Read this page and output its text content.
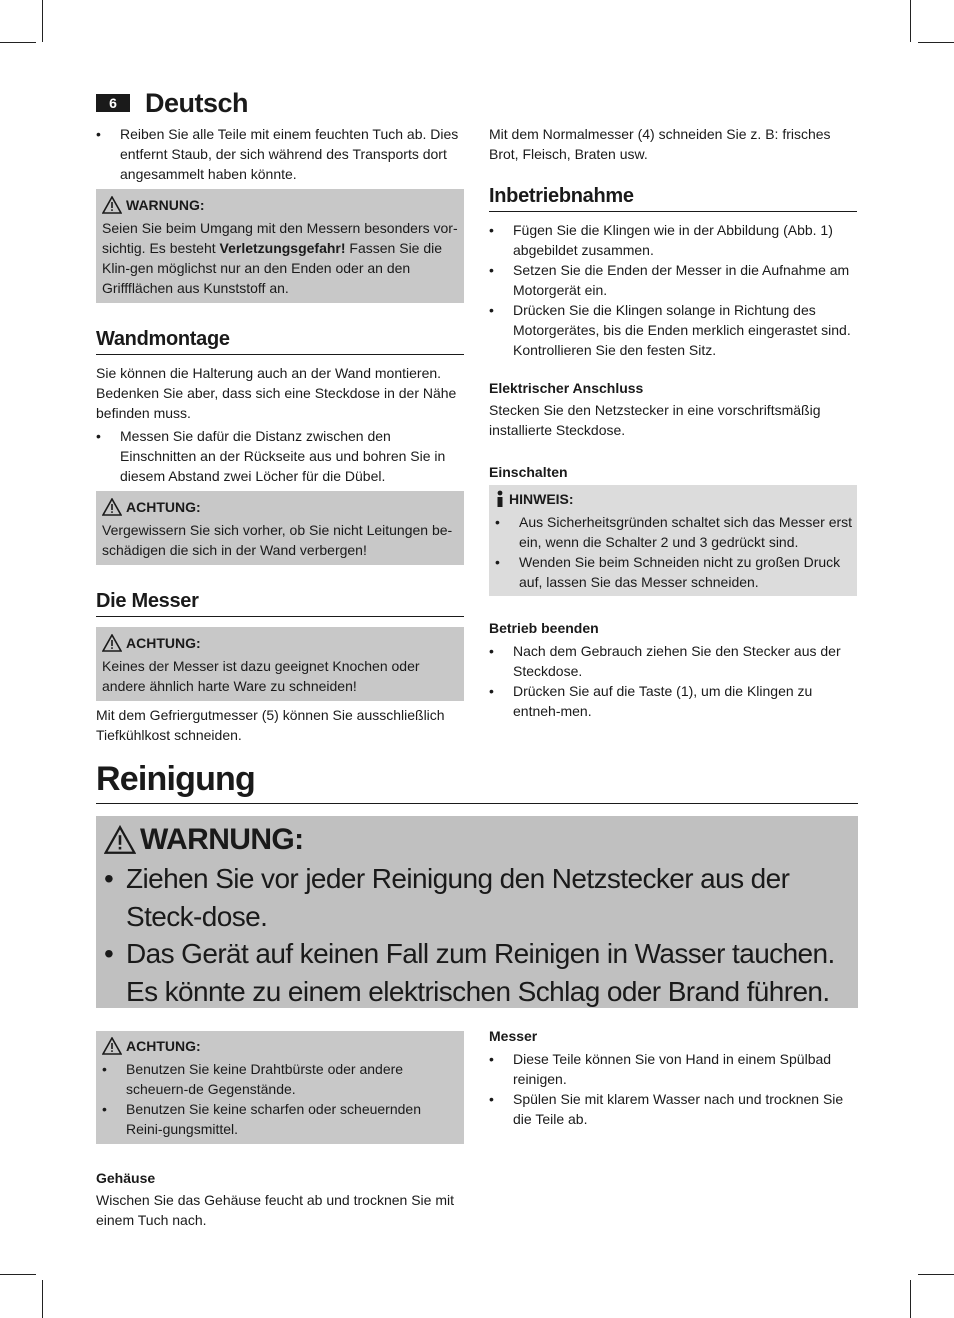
6	Deutsch
• Reiben Sie alle Teile mit einem feuchten Tuch ab. Dies entfernt Staub, der sich während des Transports dort angesammelt haben könnte.
WARNUNG:

Seien Sie beim Umgang mit den Messern besonders vor-sichtig. Es besteht Verletzungsgefahr! Fassen Sie die Klin-gen möglichst nur an den Enden oder an den Griffflächen aus Kunststoff an.

Wandmontage

Sie können die Halterung auch an der Wand montieren. Bedenken Sie aber, dass sich eine Steckdose in der Nähe befinden muss.

• Messen Sie dafür die Distanz zwischen den Einschnitten an der Rückseite aus und bohren Sie in diesem Abstand zwei Löcher für die Dübel.
ACHTUNG:

Vergewissern Sie sich vorher, ob Sie nicht Leitungen be-schädigen die sich in der Wand verbergen!

Die Messer
ACHTUNG:

Keines der Messer ist dazu geeignet Knochen oder andere ähnlich harte Ware zu schneiden!

Mit dem Gefriergutmesser (5) können Sie ausschließlich Tiefkühlkost schneiden.

Mit dem Normalmesser (4) schneiden Sie z. B: frisches Brot, Fleisch, Braten usw.

Inbetriebnahme
• Fügen Sie die Klingen wie in der Abbildung (Abb. 1) abgebildet zusammen.
• Setzen Sie die Enden der Messer in die Aufnahme am Motorgerät ein.
• Drücken Sie die Klingen solange in Richtung des Motorgerätes, bis die Enden merklich eingerastet sind. Kontrollieren Sie den festen Sitz.
Elektrischer Anschluss

Stecken Sie den Netzstecker in eine vorschriftsmäßig installierte Steckdose.

Einschalten
HINWEIS:
• Aus Sicherheitsgründen schaltet sich das Messer erst ein, wenn die Schalter 2 und 3 gedrückt sind.
• Wenden Sie beim Schneiden nicht zu großen Druck auf, lassen Sie das Messer schneiden.
Betrieb beenden
• Nach dem Gebrauch ziehen Sie den Stecker aus der Steckdose.
• Drücken Sie auf die Taste (1), um die Klingen zu entneh-men.
Reinigung
WARNUNG:
• Ziehen Sie vor jeder Reinigung den Netzstecker aus der Steck-dose.
• Das Gerät auf keinen Fall zum Reinigen in Wasser tauchen. Es könnte zu einem elektrischen Schlag oder Brand führen.
ACHTUNG:
• Benutzen Sie keine Drahtbürste oder andere scheuern-de Gegenstände.
• Benutzen Sie keine scharfen oder scheuernden Reini-gungsmittel.
Gehäuse

Wischen Sie das Gehäuse feucht ab und trocknen Sie mit einem Tuch nach.

Messer
• Diese Teile können Sie von Hand in einem Spülbad reinigen.
• Spülen Sie mit klarem Wasser nach und trocknen Sie die Teile ab.
